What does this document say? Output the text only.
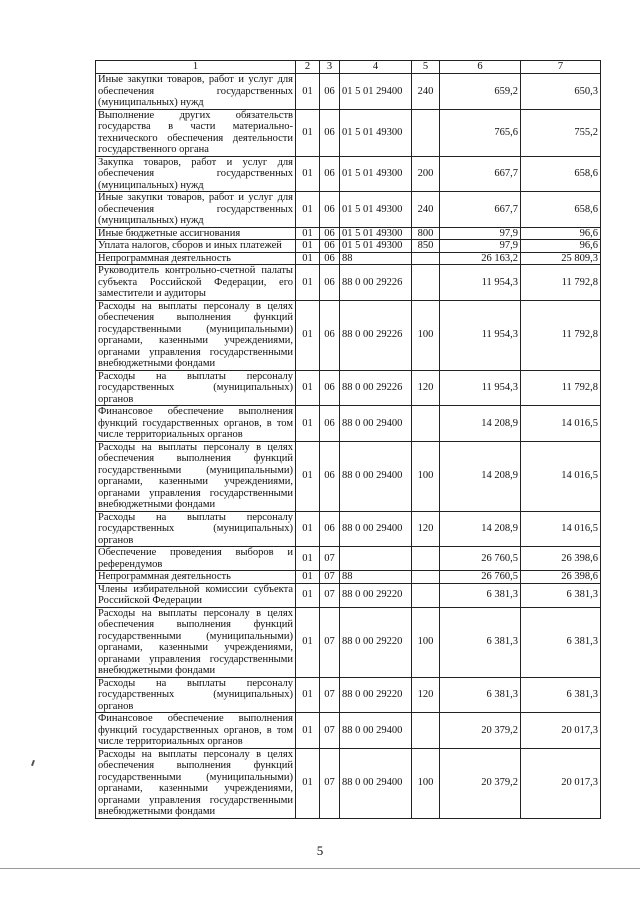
1	2	3	4	5	6	7
Иные закупки товаров, работ и услуг для обеспечения государственных (муниципальных) нужд	01	06	01 5 01 29400	240	659,2	650,3
Выполнение других обязательств государства в части материально-технического обеспечения деятельности государственного органа	01	06	01 5 01 49300		765,6	755,2
Закупка товаров, работ и услуг для обеспечения государственных (муниципальных) нужд	01	06	01 5 01 49300	200	667,7	658,6
Иные закупки товаров, работ и услуг для обеспечения государственных (муниципальных) нужд	01	06	01 5 01 49300	240	667,7	658,6
Иные бюджетные ассигнования	01	06	01 5 01 49300	800	97,9	96,6
Уплата налогов, сборов и иных платежей	01	06	01 5 01 49300	850	97,9	96,6
Непрограммная деятельность	01	06	88		26 163,2	25 809,3
Руководитель контрольно-счетной палаты субъекта Российской Федерации, его заместители и аудиторы	01	06	88 0 00 29226		11 954,3	11 792,8
Расходы на выплаты персоналу в целях обеспечения выполнения функций государственными (муниципальными) органами, казенными учреждениями, органами управления государственными внебюджетными фондами	01	06	88 0 00 29226	100	11 954,3	11 792,8
Расходы на выплаты персоналу государственных (муниципальных) органов	01	06	88 0 00 29226	120	11 954,3	11 792,8
Финансовое обеспечение выполнения функций государственных органов, в том числе территориальных органов	01	06	88 0 00 29400		14 208,9	14 016,5
Расходы на выплаты персоналу в целях обеспечения выполнения функций государственными (муниципальными) органами, казенными учреждениями, органами управления государственными внебюджетными фондами	01	06	88 0 00 29400	100	14 208,9	14 016,5
Расходы на выплаты персоналу государственных (муниципальных) органов	01	06	88 0 00 29400	120	14 208,9	14 016,5
Обеспечение проведения выборов и референдумов	01	07			26 760,5	26 398,6
Непрограммная деятельность	01	07	88		26 760,5	26 398,6
Члены избирательной комиссии субъекта Российской Федерации	01	07	88 0 00 29220		6 381,3	6 381,3
Расходы на выплаты персоналу в целях обеспечения выполнения функций государственными (муниципальными) органами, казенными учреждениями, органами управления государственными внебюджетными фондами	01	07	88 0 00 29220	100	6 381,3	6 381,3
Расходы на выплаты персоналу государственных (муниципальных) органов	01	07	88 0 00 29220	120	6 381,3	6 381,3
Финансовое обеспечение выполнения функций государственных органов, в том числе территориальных органов	01	07	88 0 00 29400		20 379,2	20 017,3
Расходы на выплаты персоналу в целях обеспечения выполнения функций государственными (муниципальными) органами, казенными учреждениями, органами управления государственными внебюджетными фондами	01	07	88 0 00 29400	100	20 379,2	20 017,3
5
